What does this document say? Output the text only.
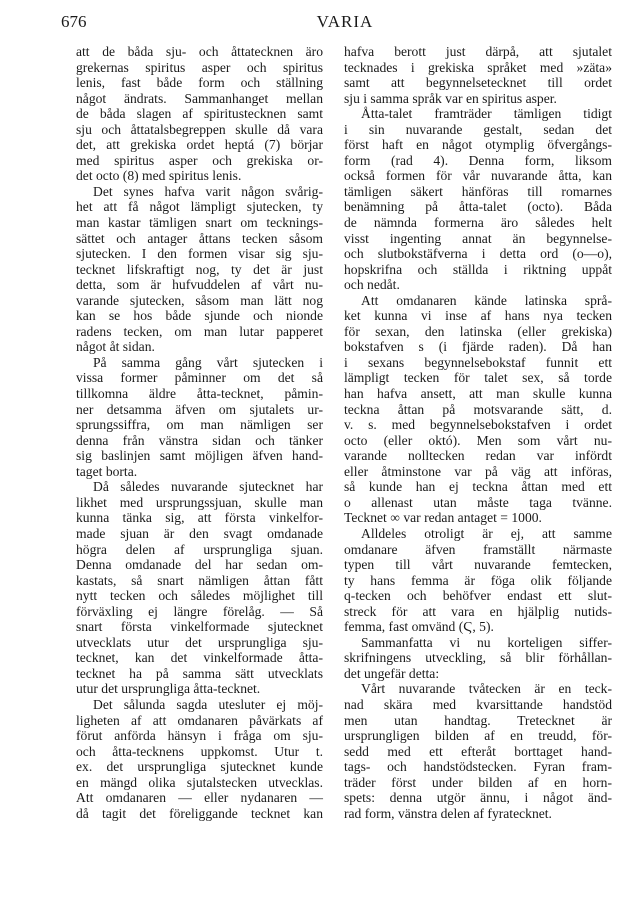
676	VARIA
att de båda sju- och åttatecknen äro
grekernas spiritus asper och spiritus
lenis, fast både form och ställning
något ändrats. Sammanhanget mellan
de båda slagen af spiritustecknen samt
sju och åttatalsbegreppen skulle då vara
det, att grekiska ordet heptá (7) börjar
med spiritus asper och grekiska or-
det octo (8) med spiritus lenis.
Det synes hafva varit någon svårig-
het att få något lämpligt sjutecken, ty
man kastar tämligen snart om tecknings-
sättet och antager åttans tecken såsom
sjutecken. I den formen visar sig sju-
tecknet lifskraftigt nog, ty det är just
detta, som är hufvuddelen af vårt nu-
varande sjutecken, såsom man lätt nog
kan se hos både sjunde och nionde
radens tecken, om man lutar papperet
något åt sidan.
På samma gång vårt sjutecken i
vissa former påminner om det så
tillkomna äldre åtta-tecknet, påmin-
ner detsamma äfven om sjutalets ur-
sprungssiffra, om man nämligen ser
denna från vänstra sidan och tänker
sig baslinjen samt möjligen äfven hand-
taget borta.
Då således nuvarande sjutecknet har
likhet med ursprungssjuan, skulle man
kunna tänka sig, att första vinkelfor-
made sjuan är den svagt omdanade
högra delen af ursprungliga sjuan.
Denna omdanade del har sedan om-
kastats, så snart nämligen åttan fått
nytt tecken och således möjlighet till
förväxling ej längre förelåg. — Så
snart första vinkelformade sjutecknet
utvecklats utur det ursprungliga sju-
tecknet, kan det vinkelformade åtta-
tecknet ha på samma sätt utvecklats
utur det ursprungliga åtta-tecknet.
Det sålunda sagda utesluter ej möj-
ligheten af att omdanaren påvärkats af
förut anförda hänsyn i fråga om sju-
och åtta-tecknens uppkomst. Utur t.
ex. det ursprungliga sjutecknet kunde
en mängd olika sjutalstecken utvecklas.
Att omdanaren — eller nydanaren —
då tagit det föreliggande tecknet kan
hafva berott just därpå, att sjutalet
tecknades i grekiska språket med »zäta»
samt att begynnelsetecknet till ordet
sju i samma språk var en spiritus asper.
Åtta-talet framträder tämligen tidigt
i sin nuvarande gestalt, sedan det
först haft en något otymplig öfvergångs-
form (rad 4). Denna form, liksom
också formen för vår nuvarande åtta, kan
tämligen säkert hänföras till romarnes
benämning på åtta-talet (octo). Båda
de nämnda formerna äro således helt
visst ingenting annat än begynnelse-
och slutbokstäfverna i detta ord (o—o),
hopskrifna och ställda i riktning uppåt
och nedåt.
Att omdanaren kände latinska språ-
ket kunna vi inse af hans nya tecken
för sexan, den latinska (eller grekiska)
bokstafven s (i fjärde raden). Då han
i sexans begynnelsebokstaf funnit ett
lämpligt tecken för talet sex, så torde
han hafva ansett, att man skulle kunna
teckna åttan på motsvarande sätt, d.
v. s. med begynnelsebokstafven i ordet
octo (eller októ). Men som vårt nu-
varande nolltecken redan var infördt
eller åtminstone var på väg att införas,
så kunde han ej teckna åttan med ett
o allenast utan måste taga tvänne.
Tecknet ∞ var redan antaget = 1000.
Alldeles otroligt är ej, att samme
omdanare äfven framställt närmaste
typen till vårt nuvarande femtecken,
ty hans femma är föga olik följande
q-tecken och behöfver endast ett slut-
streck för att vara en hjälplig nutids-
femma, fast omvänd (Ϛ, 5).
Sammanfatta vi nu korteligen siffer-
skrifningens utveckling, så blir förhållan-
det ungefär detta:
Vårt nuvarande tvåtecken är en teck-
nad skära med kvarsittande handstöd
men utan handtag. Tretecknet är
ursprungligen bilden af en treudd, för-
sedd med ett efteråt borttaget hand-
tags- och handstödstecken. Fyran fram-
träder först under bilden af en horn-
spets: denna utgör ännu, i något änd-
rad form, vänstra delen af fyratecknet.
